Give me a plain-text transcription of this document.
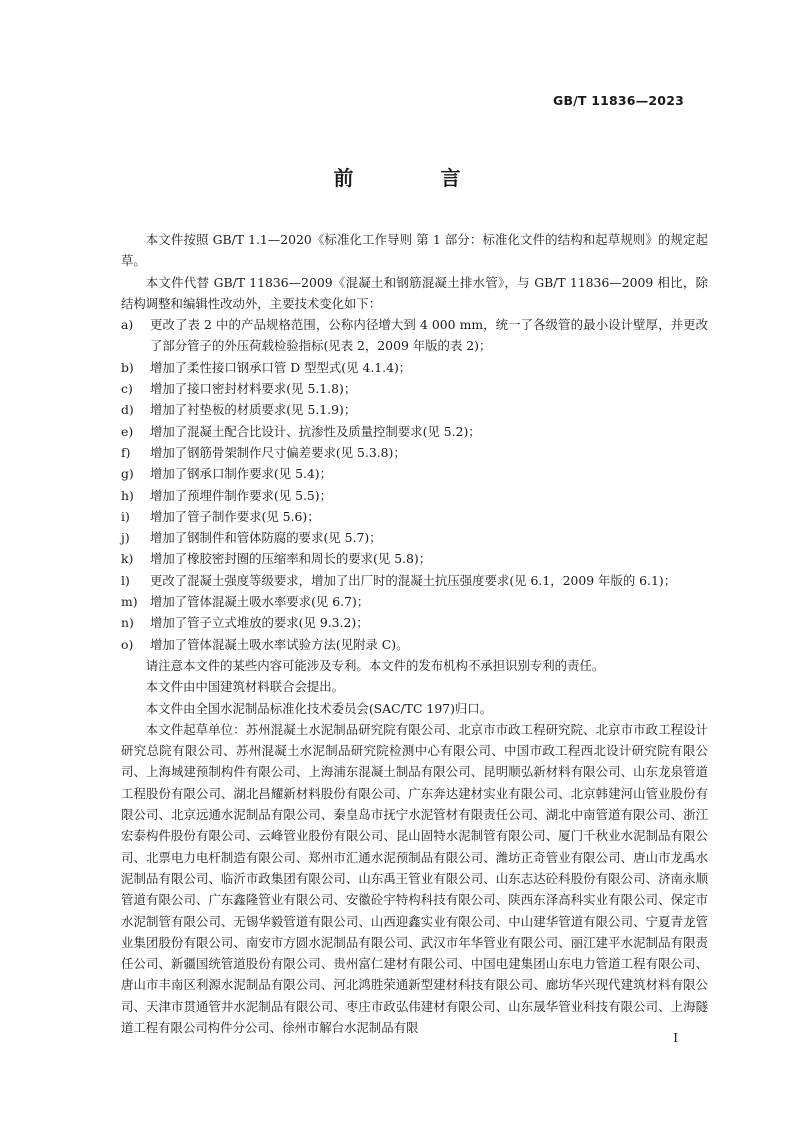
GB/T 11836—2023
前 言

本文件按照 GB/T 1.1—2020《标准化工作导则 第 1 部分：标准化文件的结构和起草规则》的规定起草。

本文件代替 GB/T 11836—2009《混凝土和钢筋混凝土排水管》，与 GB/T 11836—2009 相比，除结构调整和编辑性改动外，主要技术变化如下：

a) 更改了表 2 中的产品规格范围，公称内径增大到 4 000 mm，统一了各级管的最小设计壁厚，并更改了部分管子的外压荷载检验指标(见表 2，2009 年版的表 2)；

b) 增加了柔性接口钢承口管 D 型型式(见 4.1.4)；

c) 增加了接口密封材料要求(见 5.1.8)；

d) 增加了衬垫板的材质要求(见 5.1.9)；

e) 增加了混凝土配合比设计、抗渗性及质量控制要求(见 5.2)；

f) 增加了钢筋骨架制作尺寸偏差要求(见 5.3.8)；

g) 增加了钢承口制作要求(见 5.4)；

h) 增加了预埋件制作要求(见 5.5)；

i) 增加了管子制作要求(见 5.6)；

j) 增加了钢制件和管体防腐的要求(见 5.7)；

k) 增加了橡胶密封圈的压缩率和周长的要求(见 5.8)；

l) 更改了混凝土强度等级要求，增加了出厂时的混凝土抗压强度要求(见 6.1，2009 年版的 6.1)；

m) 增加了管体混凝土吸水率要求(见 6.7)；

n) 增加了管子立式堆放的要求(见 9.3.2)；

o) 增加了管体混凝土吸水率试验方法(见附录 C)。

请注意本文件的某些内容可能涉及专利。本文件的发布机构不承担识别专利的责任。

本文件由中国建筑材料联合会提出。

本文件由全国水泥制品标准化技术委员会(SAC/TC 197)归口。

本文件起草单位：苏州混凝土水泥制品研究院有限公司、北京市市政工程研究院、北京市市政工程设计研究总院有限公司、苏州混凝土水泥制品研究院检测中心有限公司、中国市政工程西北设计研究院有限公司、上海城建预制构件有限公司、上海浦东混凝土制品有限公司、昆明顺弘新材料有限公司、山东龙泉管道工程股份有限公司、湖北昌耀新材料股份有限公司、广东奔达建材实业有限公司、北京韩建河山管业股份有限公司、北京远通水泥制品有限公司、秦皇岛市抚宁水泥管材有限责任公司、湖北中南管道有限公司、浙江宏泰构件股份有限公司、云峰管业股份有限公司、昆山固特水泥制管有限公司、厦门千秋业水泥制品有限公司、北票电力电杆制造有限公司、郑州市汇通水泥预制品有限公司、潍坊正奇管业有限公司、唐山市龙禹水泥制品有限公司、临沂市政集团有限公司、山东禹王管业有限公司、山东志达砼科股份有限公司、济南永顺管道有限公司、广东鑫隆管业有限公司、安徽砼宇特构科技有限公司、陕西东泽高科实业有限公司、保定市水泥制管有限公司、无锡华毅管道有限公司、山西迎鑫实业有限公司、中山建华管道有限公司、宁夏青龙管业集团股份有限公司、南安市方圆水泥制品有限公司、武汉市年华管业有限公司、丽江建平水泥制品有限责任公司、新疆国统管道股份有限公司、贵州富仁建材有限公司、中国电建集团山东电力管道工程有限公司、唐山市丰南区利源水泥制品有限公司、河北鸿胜荣通新型建材科技有限公司、廊坊华兴现代建筑材料有限公司、天津市贯通管井水泥制品有限公司、枣庄市政弘伟建材有限公司、山东晟华管业科技有限公司、上海隧道工程有限公司构件分公司、徐州市解台水泥制品有限

I
